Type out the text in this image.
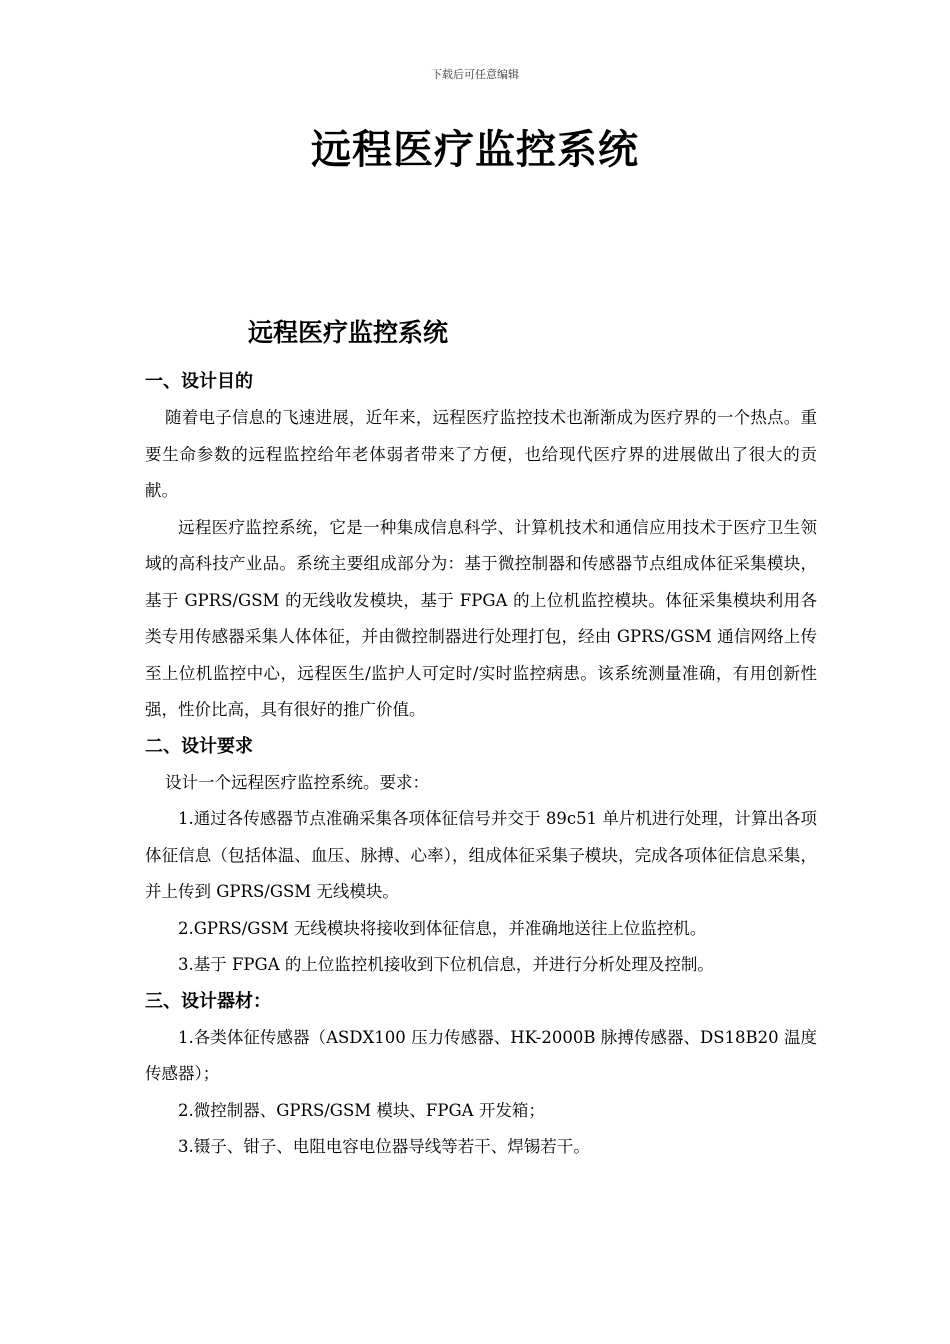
下载后可任意编辑
远程医疗监控系统
远程医疗监控系统
一、设计目的

随着电子信息的飞速进展，近年来，远程医疗监控技术也渐渐成为医疗界的一个热点。重要生命参数的远程监控给年老体弱者带来了方便，也给现代医疗界的进展做出了很大的贡献。

远程医疗监控系统，它是一种集成信息科学、计算机技术和通信应用技术于医疗卫生领域的高科技产业品。系统主要组成部分为：基于微控制器和传感器节点组成体征采集模块，基于 GPRS/GSM 的无线收发模块，基于 FPGA 的上位机监控模块。体征采集模块利用各类专用传感器采集人体体征，并由微控制器进行处理打包，经由 GPRS/GSM 通信网络上传至上位机监控中心，远程医生/监护人可定时/实时监控病患。该系统测量准确，有用创新性强，性价比高，具有很好的推广价值。

二、设计要求

设计一个远程医疗监控系统。要求：

1.通过各传感器节点准确采集各项体征信号并交于 89c51 单片机进行处理，计算出各项体征信息（包括体温、血压、脉搏、心率），组成体征采集子模块，完成各项体征信息采集，并上传到 GPRS/GSM 无线模块。

2.GPRS/GSM 无线模块将接收到体征信息，并准确地送往上位监控机。

3.基于 FPGA 的上位监控机接收到下位机信息，并进行分析处理及控制。

三、设计器材：

1.各类体征传感器（ASDX100 压力传感器、HK-2000B 脉搏传感器、DS18B20 温度传感器）；

2.微控制器、GPRS/GSM 模块、FPGA 开发箱；

3.镊子、钳子、电阻电容电位器导线等若干、焊锡若干。
